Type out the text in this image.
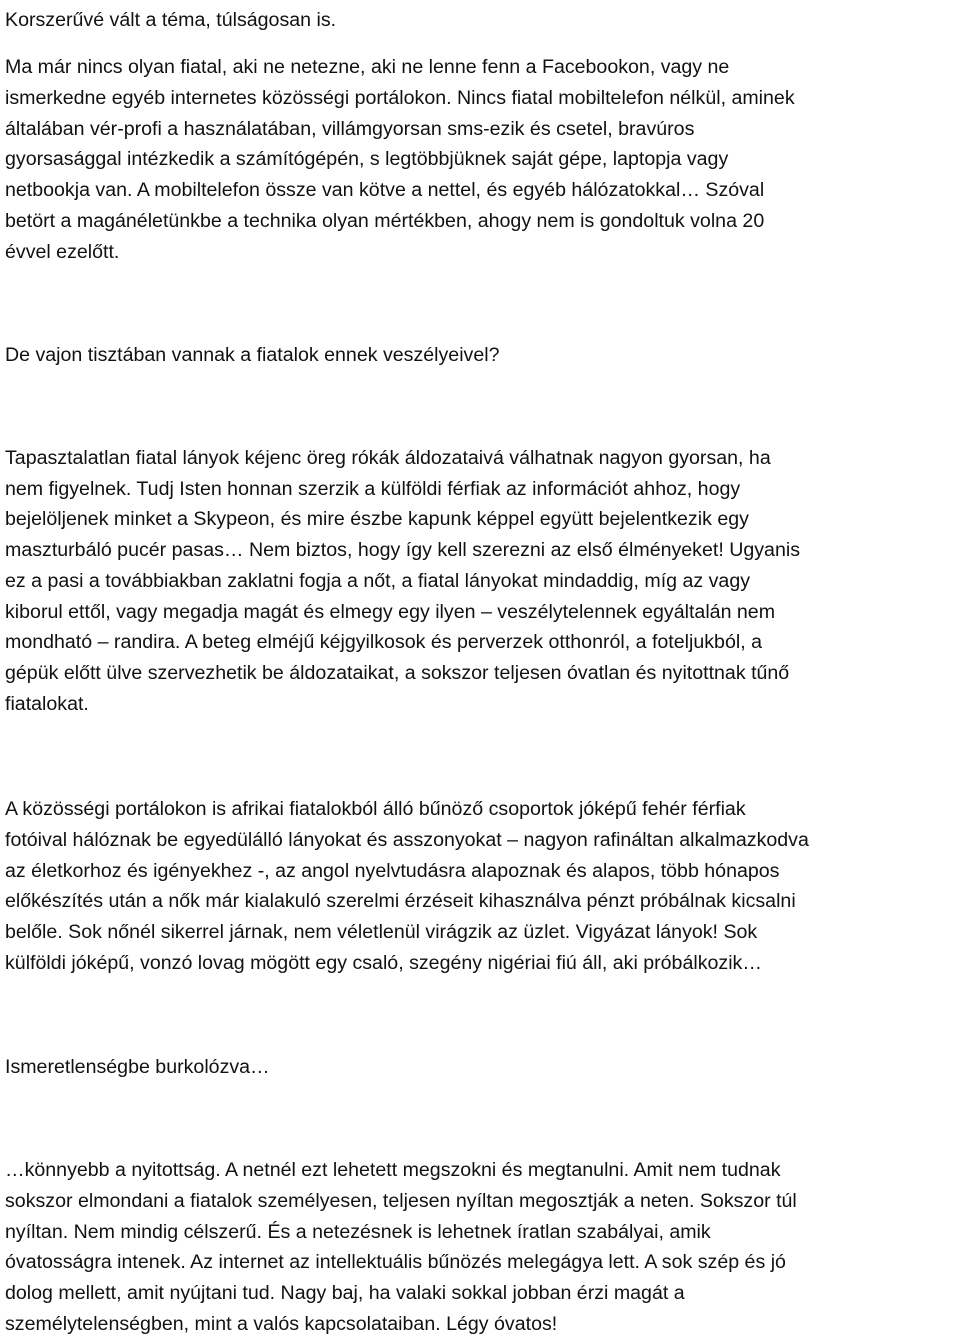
Korszerűvé vált a téma, túlságosan is.

Ma már nincs olyan fiatal, aki ne netezne, aki ne lenne fenn a Facebookon, vagy ne
ismerkedne egyéb internetes közösségi portálokon. Nincs fiatal mobiltelefon nélkül, aminek
általában vér-profi a használatában, villámgyorsan sms-ezik és csetel, bravúros
gyorsasággal intézkedik a számítógépén, s legtöbbjüknek saját gépe, laptopja vagy
netbookja van. A mobiltelefon össze van kötve a nettel, és egyéb hálózatokkal… Szóval
betört a magánéletünkbe a technika olyan mértékben, ahogy nem is gondoltuk volna 20
évvel ezelőtt.

De vajon tisztában vannak a fiatalok ennek veszélyeivel?

Tapasztalatlan fiatal lányok kéjenc öreg rókák áldozataivá válhatnak nagyon gyorsan, ha
nem figyelnek. Tudj Isten honnan szerzik a külföldi férfiak az információt ahhoz, hogy
bejelöljenek minket a Skypeon, és mire észbe kapunk képpel együtt bejelentkezik egy
maszturbáló pucér pasas… Nem biztos, hogy így kell szerezni az első élményeket! Ugyanis
ez a pasi a továbbiakban zaklatni fogja a nőt, a fiatal lányokat mindaddig, míg az vagy
kiborul ettől, vagy megadja magát és elmegy egy ilyen – veszélytelennek egyáltalán nem
mondható – randira. A beteg elméjű kéjgyilkosok és perverzek otthonról, a foteljukból, a
gépük előtt ülve szervezhetik be áldozataikat, a sokszor teljesen óvatlan és nyitottnak tűnő
fiatalokat.

A közösségi portálokon is afrikai fiatalokból álló bűnöző csoportok jóképű fehér férfiak
fotóival hálóznak be egyedülálló lányokat és asszonyokat – nagyon rafináltan alkalmazkodva
az életkorhoz és igényekhez -, az angol nyelvtudásra alapoznak és alapos, több hónapos
előkészítés után a nők már kialakuló szerelmi érzéseit kihasználva pénzt próbálnak kicsalni
belőle. Sok nőnél sikerrel járnak, nem véletlenül virágzik az üzlet. Vigyázat lányok! Sok
külföldi jóképű, vonzó lovag mögött egy csaló, szegény nigériai fiú áll, aki próbálkozik…

Ismeretlenségbe burkolózva…

…könnyebb a nyitottság. A netnél ezt lehetett megszokni és megtanulni. Amit nem tudnak
sokszor elmondani a fiatalok személyesen, teljesen nyíltan megosztják a neten. Sokszor túl
nyíltan. Nem mindig célszerű. És a netezésnek is lehetnek íratlan szabályai, amik
óvatosságra intenek. Az internet az intellektuális bűnözés melegágya lett. A sok szép és jó
dolog mellett, amit nyújtani tud. Nagy baj, ha valaki sokkal jobban érzi magát a
személytelenségben, mint a valós kapcsolataiban. Légy óvatos!
